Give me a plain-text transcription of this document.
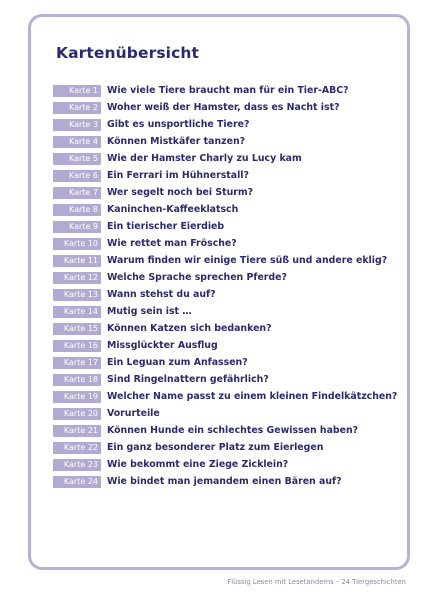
Kartenübersicht
Karte 1 Wie viele Tiere braucht man für ein Tier-ABC?
Karte 2 Woher weiß der Hamster, dass es Nacht ist?
Karte 3 Gibt es unsportliche Tiere?
Karte 4 Können Mistkäfer tanzen?
Karte 5 Wie der Hamster Charly zu Lucy kam
Karte 6 Ein Ferrari im Hühnerstall?
Karte 7 Wer segelt noch bei Sturm?
Karte 8 Kaninchen-Kaffeeklatsch
Karte 9 Ein tierischer Eierdieb
Karte 10 Wie rettet man Frösche?
Karte 11 Warum finden wir einige Tiere süß und andere eklig?
Karte 12 Welche Sprache sprechen Pferde?
Karte 13 Wann stehst du auf?
Karte 14 Mutig sein ist …
Karte 15 Können Katzen sich bedanken?
Karte 16 Missglückter Ausflug
Karte 17 Ein Leguan zum Anfassen?
Karte 18 Sind Ringelnattern gefährlich?
Karte 19 Welcher Name passt zu einem kleinen Findelkätzchen?
Karte 20 Vorurteile
Karte 21 Können Hunde ein schlechtes Gewissen haben?
Karte 22 Ein ganz besonderer Platz zum Eierlegen
Karte 23 Wie bekommt eine Ziege Zicklein?
Karte 24 Wie bindet man jemandem einen Bären auf?
Flüssig Lesen mit Lesetandems – 24 Tiergeschichten
